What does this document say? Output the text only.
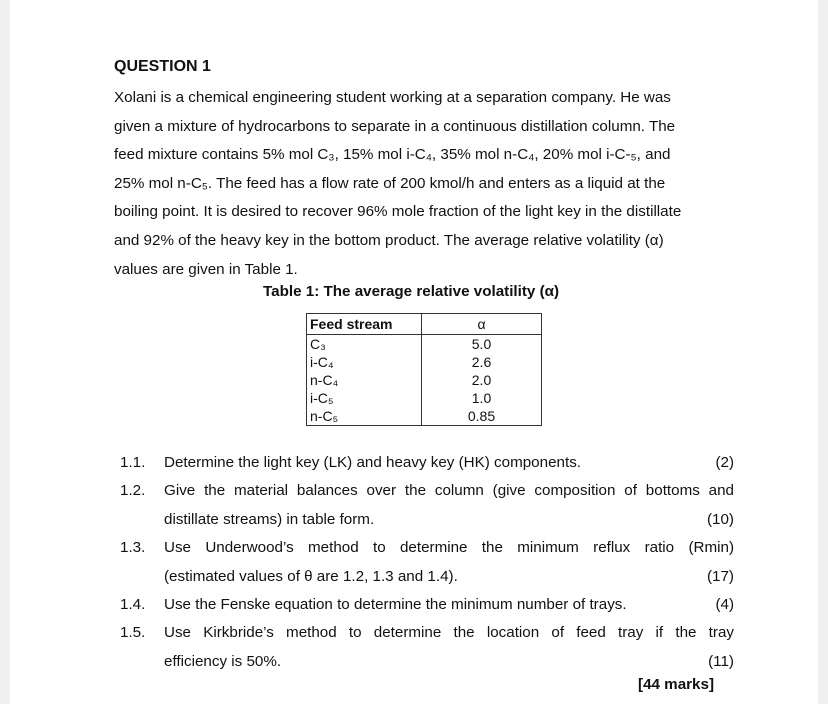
QUESTION 1

Xolani is a chemical engineering student working at a separation company. He was
given a mixture of hydrocarbons to separate in a continuous distillation column. The
feed mixture contains 5% mol C₃, 15% mol i-C₄, 35% mol n-C₄, 20% mol i-C-₅, and
25% mol n-C₅. The feed has a flow rate of 200 kmol/h and enters as a liquid at the
boiling point. It is desired to recover 96% mole fraction of the light key in the distillate
and 92% of the heavy key in the bottom product. The average relative volatility (α)
values are given in Table 1.

Table 1: The average relative volatility (α)

Feed stream	α
C₃	5.0
i-C₄	2.6
n-C₄	2.0
i-C₅	1.0
n-C₅	0.85
1.1.	Determine the light key (LK) and heavy key (HK) components.	(2)
1.2.	Give the material balances over the column (give composition of bottoms and
distillate streams) in table form.	(10)
1.3.	Use Underwood’s method to determine the minimum reflux ratio (Rmin)
(estimated values of θ are 1.2, 1.3 and 1.4).	(17)
1.4.	Use the Fenske equation to determine the minimum number of trays.	(4)
1.5.	Use Kirkbride’s method to determine the location of feed tray if the tray
efficiency is 50%.	(11)
[44 marks]
